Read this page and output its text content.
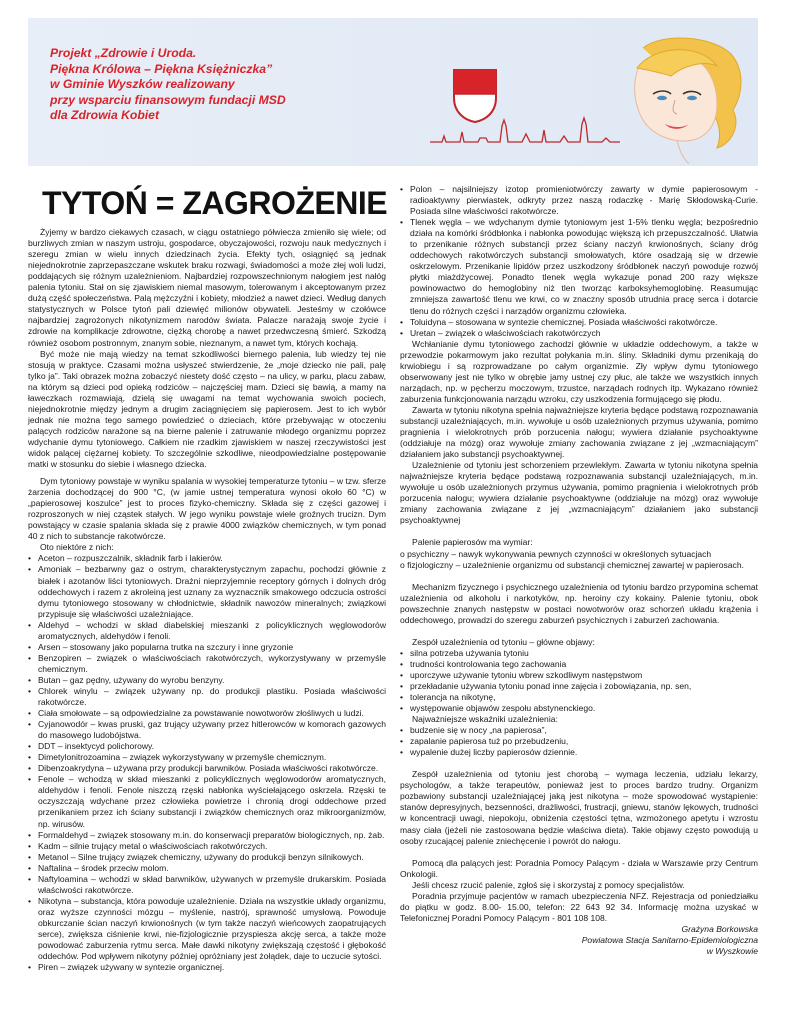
Projekt „Zdrowie i Uroda.
Piękna Królowa – Piękna Księżniczka”
w Gminie Wyszków realizowany
przy wsparciu finansowym fundacji MSD
dla Zdrowia Kobiet
TYTOŃ = ZAGROŻENIE

Żyjemy w bardzo ciekawych czasach, w ciągu ostatniego półwiecza zmieniło się wiele; od burzliwych zmian w naszym ustroju, gospodarce, obyczajowości, rozwoju nauk medycznych i szeregu zmian w wielu innych dziedzinach życia. Efekty tych, osiągnięć są jednak niejednokrotnie zaprzepaszczane wskutek braku rozwagi, świadomości a może złej woli ludzi, poddających się różnym uzależnieniom. Najbardziej rozpowszechnionym nałogiem jest nałóg palenia tytoniu. Stał on się zjawiskiem niemal masowym, tolerowanym i akceptowanym przez dużą część społeczeństwa. Palą mężczyźni i kobiety, młodzież a nawet dzieci. Według danych statystycznych w Polsce tytoń pali dziewięć milionów obywateli. Jesteśmy w czołówce najbardziej zagrożonych nikotynizmem narodów świata. Palacze narażają swoje życie i zdrowie na komplikacje zdrowotne, ciężką chorobę a nawet przedwczesną śmierć. Szkodzą również osobom postronnym, znanym sobie, nieznanym, a nawet tym, których kochają.

Być może nie mają wiedzy na temat szkodliwości biernego palenia, lub wiedzy tej nie stosują w praktyce. Czasami można usłyszeć stwierdzenie, że „moje dziecko nie pali, palę tylko ja”. Taki obrazek można zobaczyć niestety dość często – na ulicy, w parku, placu zabaw, na którym są dzieci pod opieką rodziców – najczęściej mam. Dzieci się bawią, a mamy na ławeczkach rozmawiają, dzielą się uwagami na temat wychowania swoich pociech, niejednokrotnie między jednym a drugim zaciągnięciem się papierosem. Jest to ich wybór jednak nie można tego samego powiedzieć o dzieciach, które przebywając w otoczeniu palących rodziców narażone są na bierne palenie i zatruwanie młodego organizmu poprzez wdychanie dymu tytoniowego. Całkiem nie rzadkim zjawiskiem w naszej rzeczywistości jest widok palącej ciężarnej kobiety. To szczególnie szkodliwe, nieodpowiedzialne postępowanie matki w stosunku do siebie i własnego dziecka.

Dym tytoniowy powstaje w wyniku spalania w wysokiej temperaturze tytoniu – w tzw. sferze żarzenia dochodzącej do 900 °C, (w jamie ustnej temperatura wynosi około 60 °C) w „papierosowej koszulce” jest to proces fizyko-chemiczny. Składa się z części gazowej i rozproszonych w niej cząstek stałych. W jego wyniku powstaje wiele groźnych trucizn. Dym powstający w czasie spalania składa się z prawie 4000 związków chemicznych, w tym ponad 40 z nich to substancje rakotwórcze.

Oto niektóre z nich:

• Aceton – rozpuszczalnik, składnik farb i lakierów.
• Amoniak – bezbarwny gaz o ostrym, charakterystycznym zapachu, pochodzi głównie z białek i azotanów liści tytoniowych. Drażni nieprzyjemnie receptory górnych i dolnych dróg oddechowych i razem z akroleiną jest uznany za wyznacznik smakowego odczucia ostrości dymu tytoniowego stosowany w chłodnictwie, składnik nawozów mineralnych; związkowi przypisuje się właściwości uzależniające.
• Aldehyd – wchodzi w skład diabelskiej mieszanki z policyklicznych węglowodorów aromatycznych, aldehydów i fenoli.
• Arsen – stosowany jako popularna trutka na szczury i inne gryzonie
• Benzopiren – związek o właściwościach rakotwórczych, wykorzystywany w przemyśle chemicznym.
• Butan – gaz pędny, używany do wyrobu benzyny.
• Chlorek winylu – związek używany np. do produkcji plastiku. Posiada właściwości rakotwórcze.
• Ciała smołowate – są odpowiedzialne za powstawanie nowotworów złośliwych u ludzi.
• Cyjanowodór – kwas pruski, gaz trujący używany przez hitlerowców w komorach gazowych do masowego ludobójstwa.
• DDT – insektycyd polichorowy.
• Dimetylonitrozoamina – związek wykorzystywany w przemyśle chemicznym.
• Dibenzoakrydyna – używana przy produkcji barwników. Posiada właściwości rakotwórcze.
• Fenole – wchodzą w skład mieszanki z policyklicznych węglowodorów aromatycznych, aldehydów i fenoli. Fenole niszczą rzęski nabłonka wyściełającego oskrzela. Rzęski te oczyszczają wdychane przez człowieka powietrze i chronią drogi oddechowe przed przenikaniem przez ich ściany substancji i związków chemicznych oraz mikroorganizmów, np. wirusów.
• Formaldehyd – związek stosowany m.in. do konserwacji preparatów biologicznych, np. żab.
• Kadm – silnie trujący metal o właściwościach rakotwórczych.
• Metanol – Silne trujący związek chemiczny, używany do produkcji benzyn silnikowych.
• Naftalina – środek przeciw molom.
• Naftyloamina – wchodzi w skład barwników, używanych w przemyśle drukarskim. Posiada właściwości rakotwórcze.
• Nikotyna – substancja, która powoduje uzależnienie. Działa na wszystkie układy organizmu, oraz wyższe czynności mózgu – myślenie, nastrój, sprawność umysłową. Powoduje obkurczanie ścian naczyń krwionośnych (w tym także naczyń wieńcowych zaopatrujących serce), zwiększa ciśnienie krwi, nie-fizjologicznie przyspiesza akcję serca, a także może powodować zaburzenia rytmu serca. Małe dawki nikotyny zwiększają częstość i głębokość oddechów. Pod wpływem nikotyny później opróżniany jest żołądek, daje to uczucie sytości.
• Piren – związek używany w syntezie organicznej.
• Polon – najsilniejszy izotop promieniotwórczy zawarty w dymie papierosowym - radioaktywny pierwiastek, odkryty przez naszą rodaczkę - Marię Skłodowską-Curie. Posiada silne właściwości rakotwórcze.
• Tlenek węgla – we wdychanym dymie tytoniowym jest 1-5% tlenku węgla; bezpośrednio działa na komórki śródbłonka i nabłonka powodując większą ich przepuszczalność. Ułatwia to przenikanie różnych substancji przez ściany naczyń krwionośnych, ściany dróg oddechowych rakotwórczych substancji smołowatych, które osadzają się w drzewie oskrzelowym. Przenikanie lipidów przez uszkodzony śródbłonek naczyń powoduje rozwój płytki miażdżycowej. Ponadto tlenek węgla wykazuje ponad 200 razy większe powinowactwo do hemoglobiny niż tlen tworząc karboksyhemoglobinę. Reasumując zmniejsza zawartość tlenu we krwi, co w znaczny sposób utrudnia pracę serca i dotarcie tlenu do różnych części i narządów organizmu człowieka.
• Toluidyna – stosowana w syntezie chemicznej. Posiada właściwości rakotwórcze.
• Uretan – związek o właściwościach rakotwórczych

Wchłanianie dymu tytoniowego zachodzi głównie w układzie oddechowym, a także w przewodzie pokarmowym jako rezultat połykania m.in. śliny. Składniki dymu przenikają do krwiobiegu i są rozprowadzane po całym organizmie. Zły wpływ dymu tytoniowego obserwowany jest nie tylko w obrębie jamy ustnej czy płuc, ale także we wszystkich innych narządach, np. w pęcherzu moczowym, trzustce, narządach rodnych itp. Wykazano również zaburzenia funkcjonowania narządu wzroku, czy uszkodzenia formującego się płodu.

Zawarta w tytoniu nikotyna spełnia najważniejsze kryteria będące podstawą rozpoznawania substancji uzależniających, m.in. wywołuje u osób uzależnionych przymus używania, pomimo pragnienia i wielokrotnych prób porzucenia nałogu; wywiera działanie psychoaktywne (oddziałuje na mózg) oraz wywołuje zmiany zachowania związane z jej „wzmacniającym” działaniem jako substancji psychoaktywnej.

Uzależnienie od tytoniu jest schorzeniem przewlekłym. Zawarta w tytoniu nikotyna spełnia najważniejsze kryteria będące podstawą rozpoznawania substancji uzależniających, m.in. wywołuje u osób uzależnionych przymus używania, pomimo pragnienia i wielokrotnych prób porzucenia nałogu; wywiera działanie psychoaktywne (oddziałuje na mózg) oraz wywołuje zmiany zachowania związane z jej „wzmacniającym” działaniem jako substancji psychoaktywnej

Palenie papierosów ma wymiar:

o psychiczny – nawyk wykonywania pewnych czynności w określonych sytuacjach

o fizjologiczny – uzależnienie organizmu od substancji chemicznej zawartej w papierosach.

Mechanizm fizycznego i psychicznego uzależnienia od tytoniu bardzo przypomina schemat uzależnienia od alkoholu i narkotyków, np. heroiny czy kokainy. Palenie tytoniu, obok powszechnie znanych następstw w postaci nowotworów oraz schorzeń układu krążenia i oddechowego, prowadzi do szeregu zaburzeń psychicznych i zaburzeń zachowania.

Zespół uzależnienia od tytoniu – główne objawy:

• silna potrzeba używania tytoniu
• trudności kontrolowania tego zachowania
• uporczywe używanie tytoniu wbrew szkodliwym następstwom
• przekładanie używania tytoniu ponad inne zajęcia i zobowiązania, np. sen,
• tolerancja na nikotynę,
• występowanie objawów zespołu abstynenckiego.

Najważniejsze wskaźniki uzależnienia:

• budzenie się w nocy „na papierosa”,
• zapalanie papierosa tuż po przebudzeniu,
• wypalenie dużej liczby papierosów dziennie.

Zespół uzależnienia od tytoniu jest chorobą – wymaga leczenia, udziału lekarzy, psychologów, a także terapeutów, ponieważ jest to proces bardzo trudny. Organizm pozbawiony substancji uzależniającej jaką jest nikotyna – może spowodować wystąpienie: stanów depresyjnych, bezsenności, drażliwości, frustracji, gniewu, stanów lękowych, trudności w koncentracji uwagi, niepokoju, obniżenia częstości tętna, wzmożonego apetytu i wzrostu masy ciała (jeżeli nie zastosowana będzie właściwa dieta). Takie objawy często powodują u osoby rzucającej palenie zniechęcenie i powrót do nałogu.

Pomocą dla palących jest: Poradnia Pomocy Palącym - działa w Warszawie przy Centrum Onkologii.

Jeśli chcesz rzucić palenie, zgłoś się i skorzystaj z pomocy specjalistów.

Poradnia przyjmuje pacjentów w ramach ubezpieczenia NFZ. Rejestracja od poniedziałku do piątku w godz. 8.00- 15.00, telefon: 22 643 92 34. Informację można uzyskać w Telefonicznej Poradni Pomocy Palącym - 801 108 108.

Grażyna Borkowska
Powiatowa Stacja Sanitarno-Epidemiologiczna
w Wyszkowie
